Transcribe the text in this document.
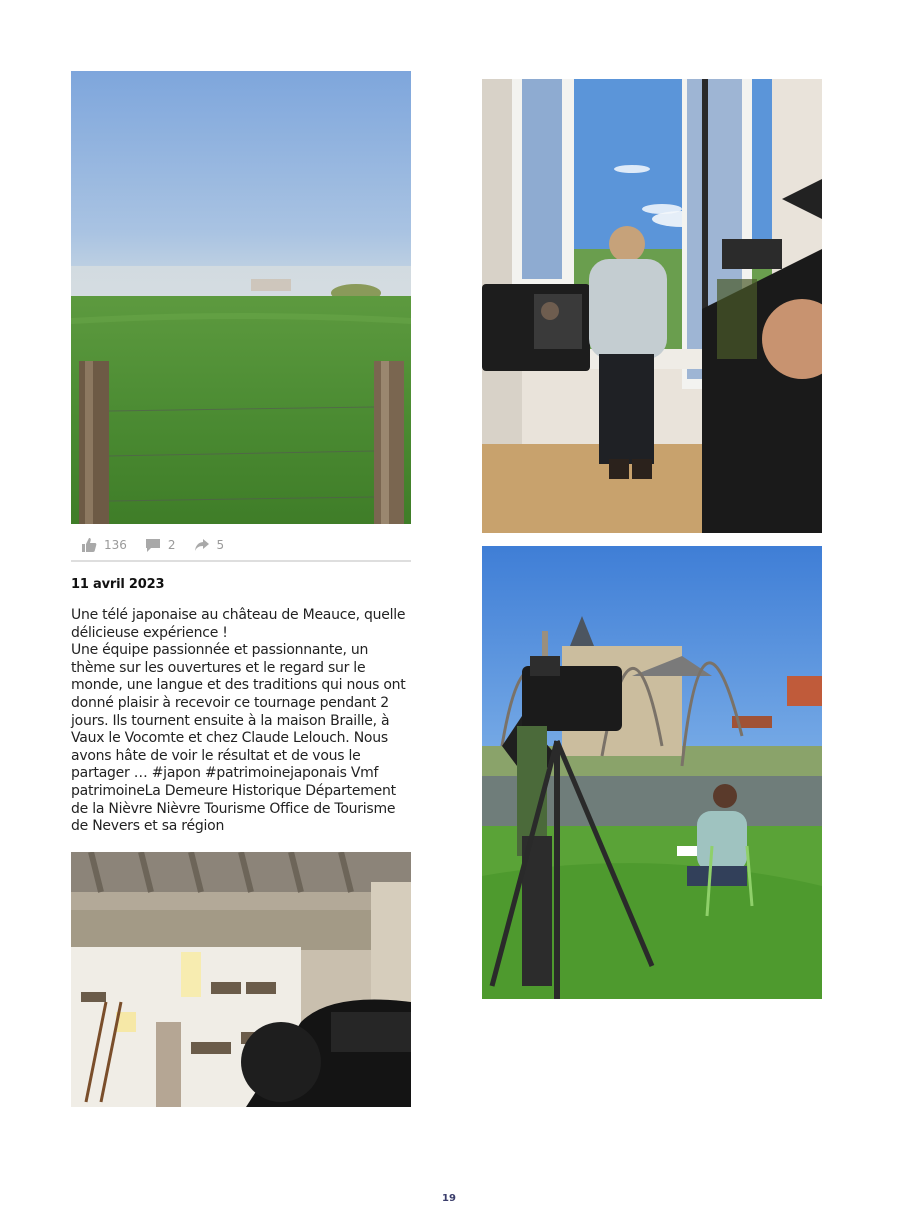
136	2	5
11 avril 2023
Une télé japonaise au château de Meauce, quelle délicieuse expérience !
Une équipe passionnée et passionnante, un thème sur les ouvertures et le regard sur le monde, une langue et des traditions qui nous ont donné plaisir à recevoir ce tournage pendant 2 jours. Ils tournent ensuite à la maison Braille, à Vaux le Vocomte et chez Claude Lelouch. Nous avons hâte de voir le résultat et de vous le partager … #japon #patrimoinejaponais Vmf patrimoineLa Demeure Historique Département de la Nièvre Nièvre Tourisme Office de Tourisme de Nevers et sa région
19
